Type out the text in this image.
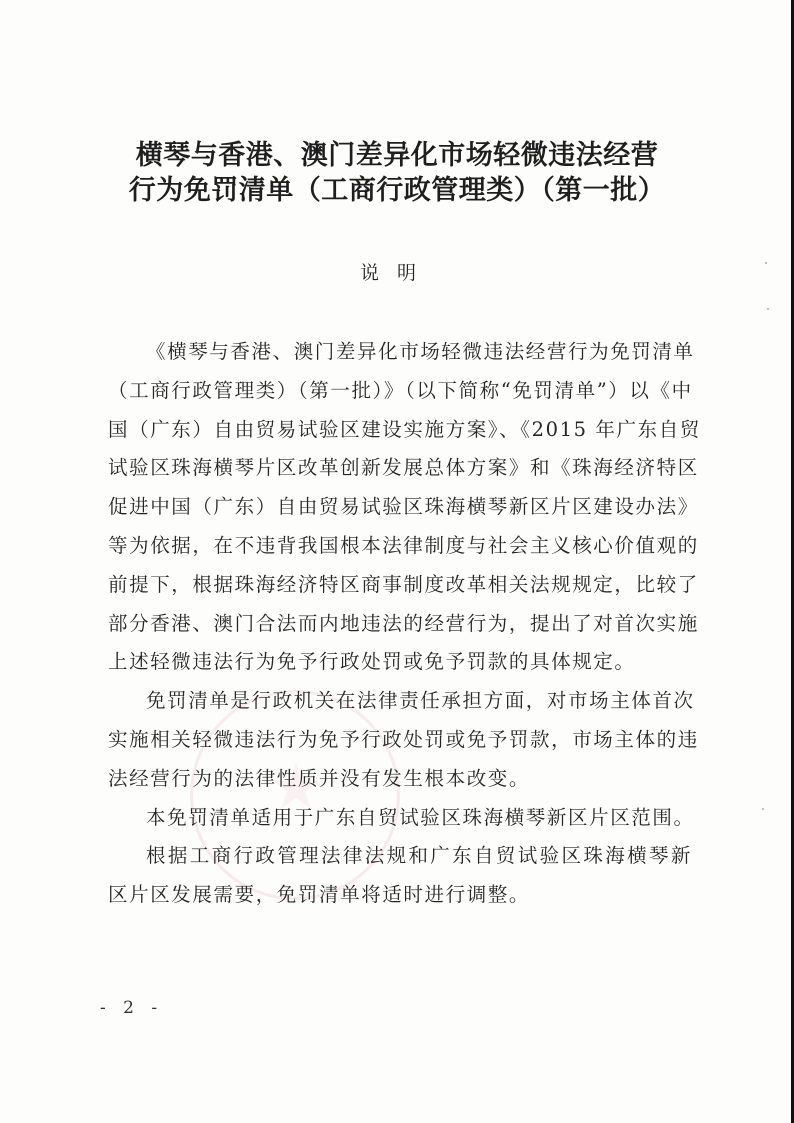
横琴与香港、澳门差异化市场轻微违法经营
行为免罚清单（工商行政管理类）（第一批）
说明

《横琴与香港、澳门差异化市场轻微违法经营行为免罚清单
（工商行政管理类）（第一批）》（以下简称“免罚清单”）以《中
国（广东）自由贸易试验区建设实施方案》、《2015 年广东自贸
试验区珠海横琴片区改革创新发展总体方案》和《珠海经济特区
促进中国（广东）自由贸易试验区珠海横琴新区片区建设办法》
等为依据，在不违背我国根本法律制度与社会主义核心价值观的
前提下，根据珠海经济特区商事制度改革相关法规规定，比较了
部分香港、澳门合法而内地违法的经营行为，提出了对首次实施
上述轻微违法行为免予行政处罚或免予罚款的具体规定。

免罚清单是行政机关在法律责任承担方面，对市场主体首次
实施相关轻微违法行为免予行政处罚或免予罚款，市场主体的违
法经营行为的法律性质并没有发生根本改变。

本免罚清单适用于广东自贸试验区珠海横琴新区片区范围。

根据工商行政管理法律法规和广东自贸试验区珠海横琴新
区片区发展需要，免罚清单将适时进行调整。

- 2 -
